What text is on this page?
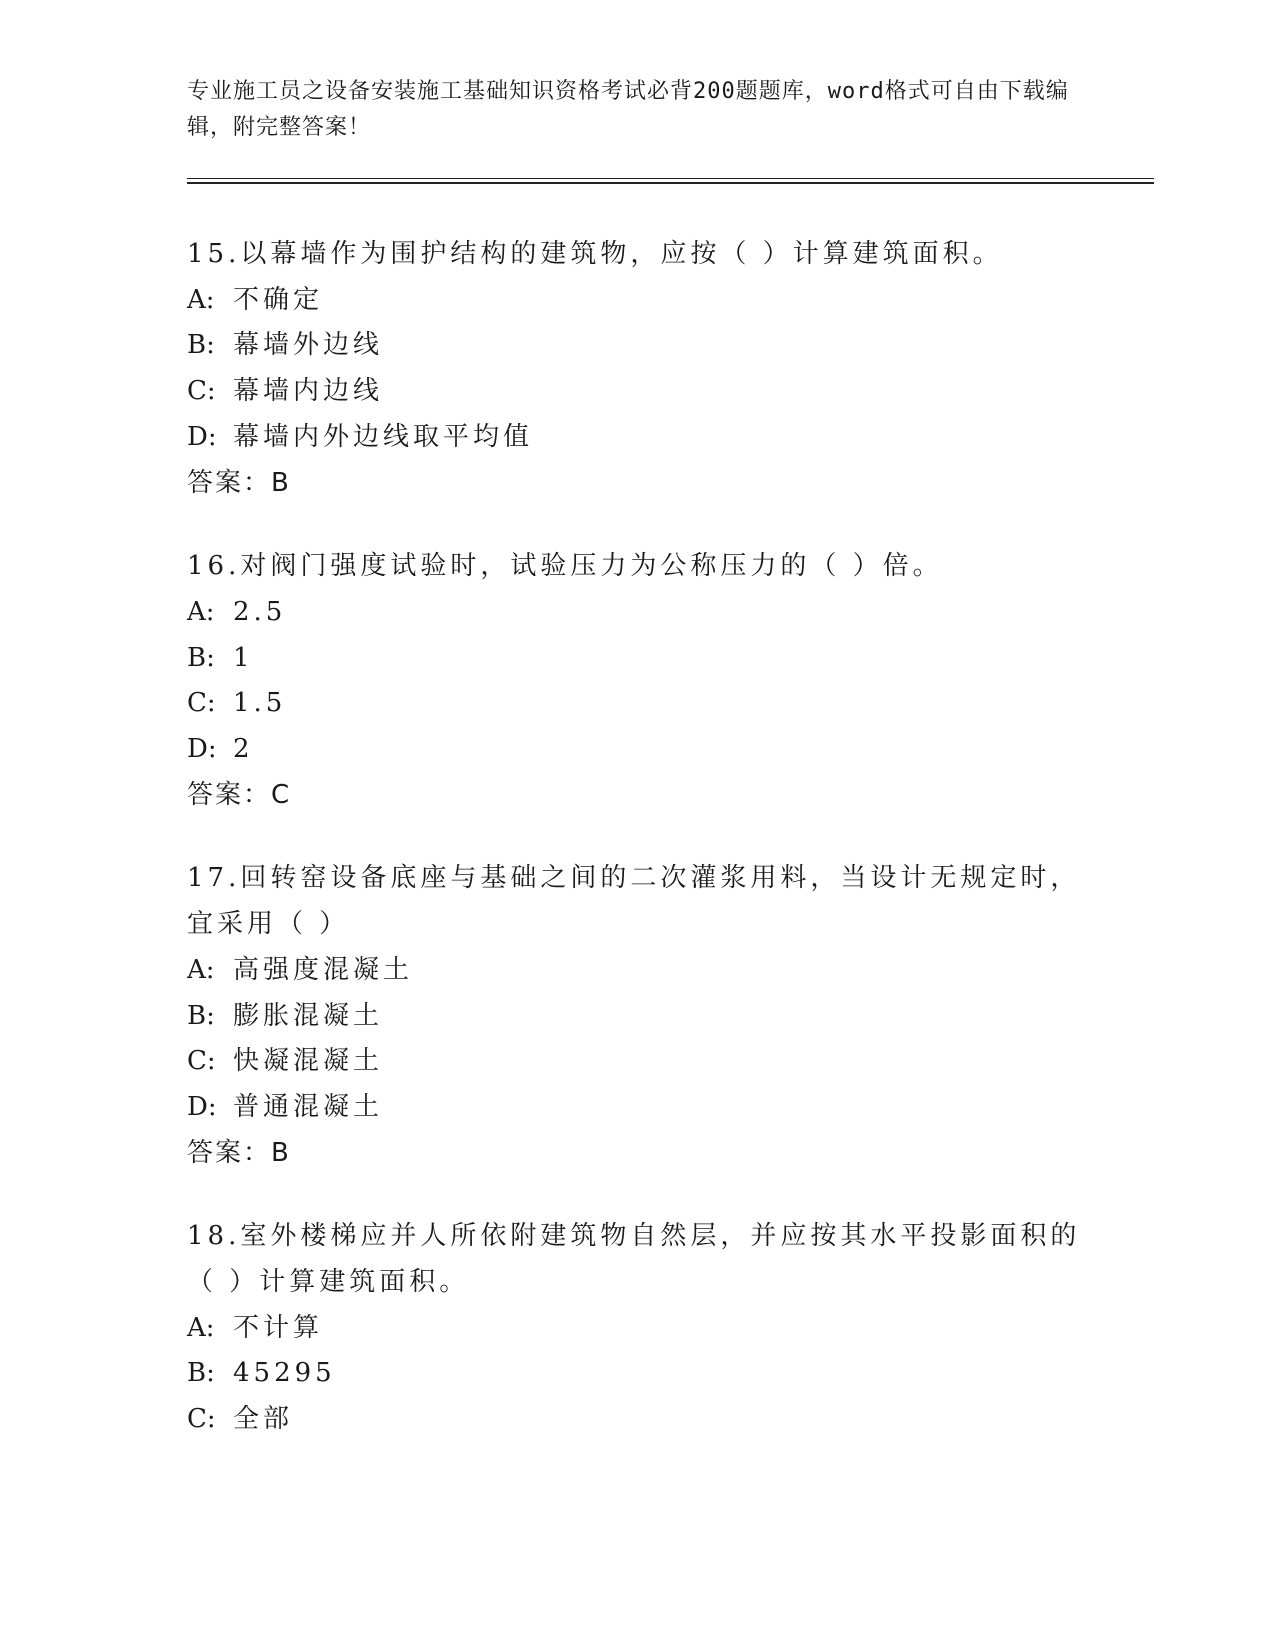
专业施工员之设备安装施工基础知识资格考试必背200题题库，word格式可自由下载编辑，附完整答案！
15.以幕墙作为围护结构的建筑物，应按（ ）计算建筑面积。
A: 不确定
B: 幕墙外边线
C: 幕墙内边线
D: 幕墙内外边线取平均值
答案：B
16.对阀门强度试验时，试验压力为公称压力的（ ）倍。
A: 2.5
B: 1
C: 1.5
D: 2
答案：C
17.回转窑设备底座与基础之间的二次灌浆用料，当设计无规定时，宜采用（ ）
A: 高强度混凝土
B: 膨胀混凝土
C: 快凝混凝土
D: 普通混凝土
答案：B
18.室外楼梯应并人所依附建筑物自然层，并应按其水平投影面积的（ ）计算建筑面积。
A: 不计算
B: 45295
C: 全部
